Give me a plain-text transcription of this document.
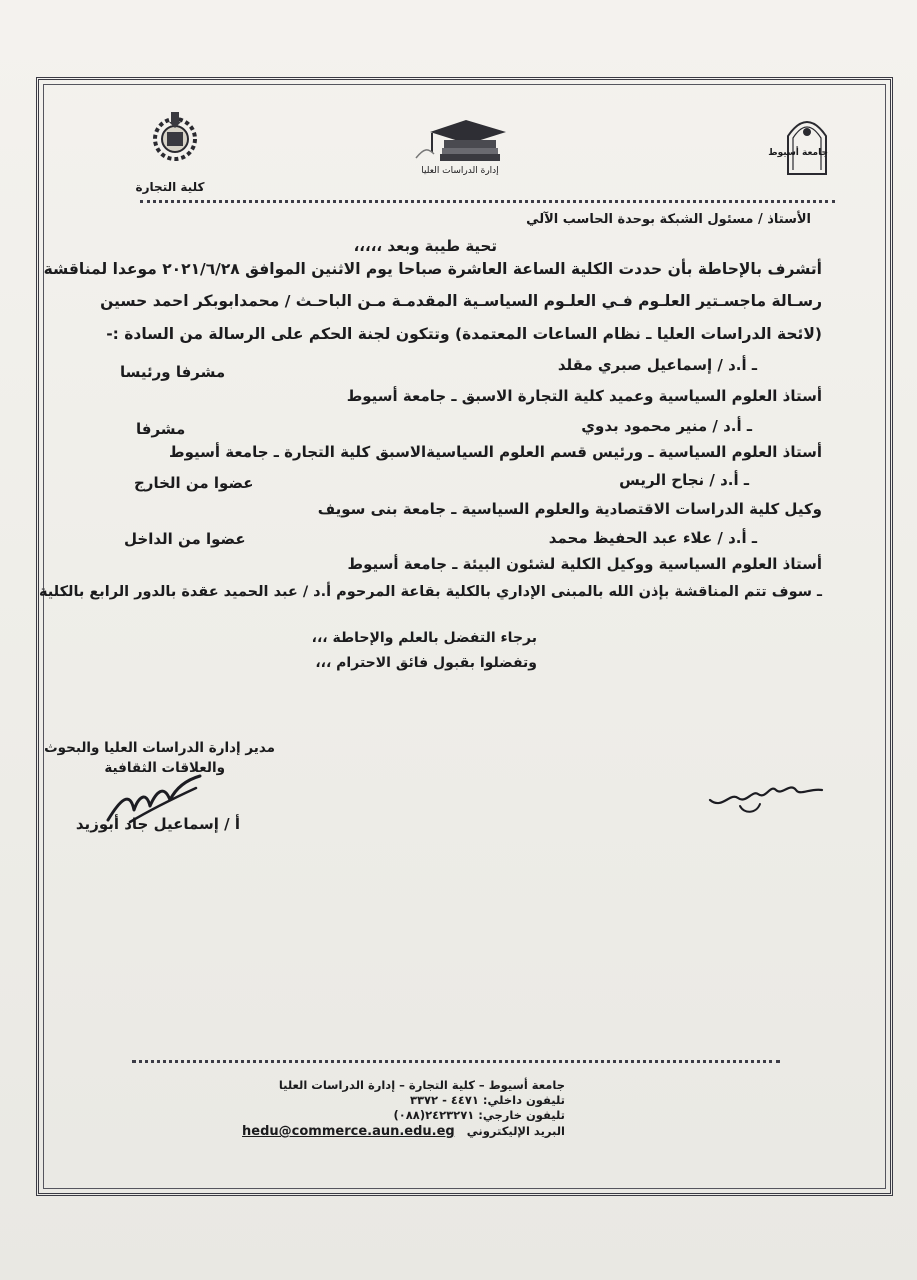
كلية التجارة
إدارة الدراسات العليا
جامعة أسيوط
الأستاذ / مسئول الشبكة بوحدة الحاسب الآلي
تحية طيبة وبعد ،،،،،
أتشرف بالإحاطة بأن حددت الكلية الساعة العاشرة صباحا يوم الاثنين الموافق ٢٠٢١/٦/٢٨ موعدا لمناقشة
رسـالة ماجسـتير العلـوم فـي العلـوم السياسـية المقدمـة مـن الباحـث / محمدابوبكر احمد حسين
(لائحة الدراسات العليا ـ نظام الساعات المعتمدة) وتتكون لجنة الحكم على الرسالة من السادة :-
ـ أ.د / إسماعيل صبري مقلد
مشرفا ورئيسا
أستاذ العلوم السياسية وعميد كلية التجارة الاسبق ـ جامعة أسيوط
ـ أ.د / منير محمود بدوي
مشرفا
أستاذ العلوم السياسية ـ ورئيس قسم العلوم السياسيةالاسبق كلية التجارة ـ جامعة أسيوط
ـ أ.د / نجاح الريس
عضوا من الخارج
وكيل كلية الدراسات الاقتصادية والعلوم السياسية ـ جامعة بنى سويف
ـ أ.د / علاء عبد الحفيظ محمد
عضوا من الداخل
أستاذ العلوم السياسية ووكيل الكلية لشئون البيئة ـ جامعة أسيوط
ـ سوف تتم المناقشة بإذن الله بالمبنى الإداري بالكلية بقاعة المرحوم أ.د / عبد الحميد عقدة بالدور الرابع بالكلية
برجاء التفضل بالعلم والإحاطة ،،،
وتفضلوا بقبول فائق الاحترام ،،،
مدير إدارة الدراسات العليا والبحوث
والعلاقات الثقافية
أ / إسماعيل جاد أبوزيد
جامعة أسيوط – كلية التجارة – إدارة الدراسات العليا
تليفون داخلي: ٤٤٧١ - ٣٣٧٢
تليفون خارجي: ٢٤٢٣٢٧١(٠٨٨)
البريد الإليكتروني hedu@commerce.aun.edu.eg
